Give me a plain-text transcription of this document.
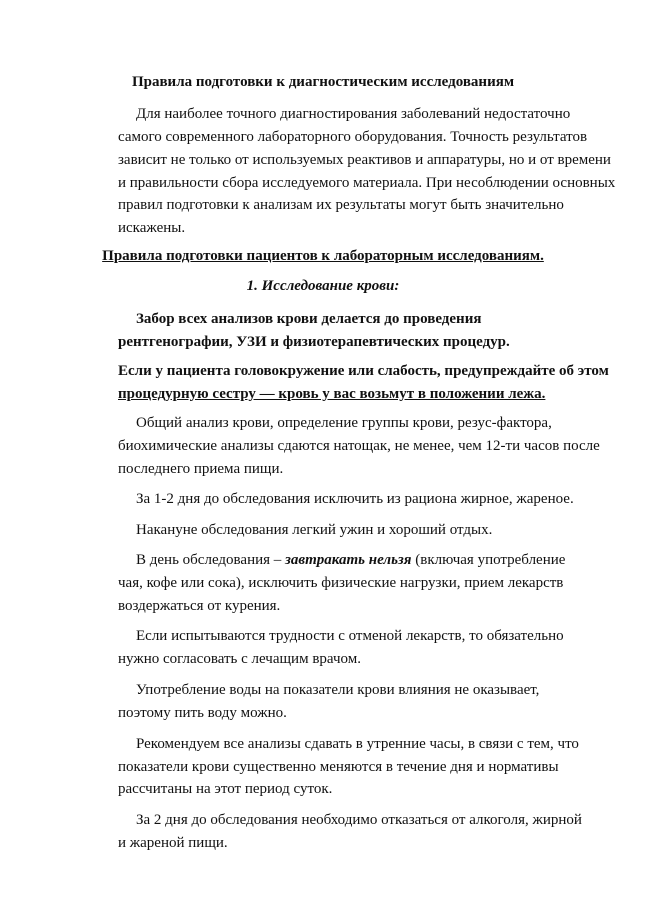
Правила подготовки к диагностическим исследованиям
Для наиболее точного диагностирования заболеваний недостаточно
самого современного лабораторного оборудования. Точность результатов
зависит не только от используемых реактивов и аппаратуры, но и от времени
и правильности сбора исследуемого материала. При несоблюдении основных
правил подготовки к анализам их результаты могут быть значительно
искажены.
Правила подготовки пациентов к лабораторным исследованиям.
1. Исследование крови:
Забор всех анализов крови делается до проведения
рентгенографии, УЗИ и физиотерапевтических процедур.
Если у пациента головокружение или слабость, предупреждайте об этом
процедурную сестру — кровь у вас возьмут в положении лежа.
Общий анализ крови, определение группы крови, резус-фактора,
биохимические анализы сдаются натощак, не менее, чем 12-ти часов после
последнего приема пищи.
За 1-2 дня до обследования исключить из рациона жирное, жареное.
Накануне обследования легкий ужин и хороший отдых.
В день обследования – завтракать нельзя (включая употребление
чая, кофе или сока), исключить физические нагрузки, прием лекарств
воздержаться от курения.
Если испытываются трудности с отменой лекарств, то обязательно
нужно согласовать с лечащим врачом.
Употребление воды на показатели крови влияния не оказывает,
поэтому пить воду можно.
Рекомендуем все анализы сдавать в утренние часы, в связи с тем, что
показатели крови существенно меняются в течение дня и нормативы
рассчитаны на этот период суток.
За 2 дня до обследования необходимо отказаться от алкоголя, жирной
и жареной пищи.
